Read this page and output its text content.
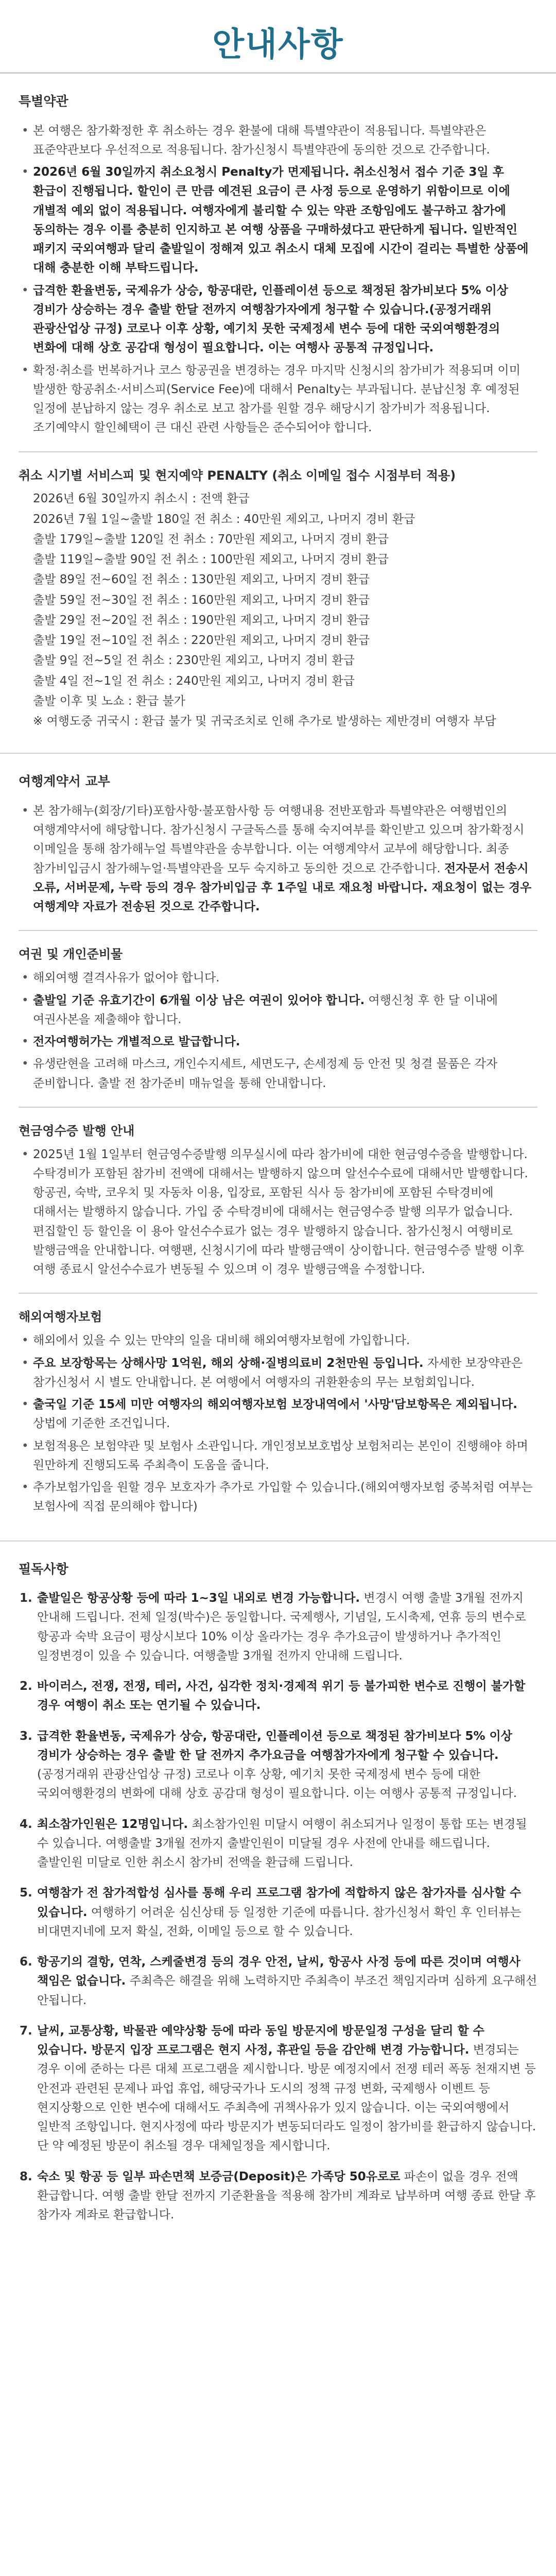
안내사항
특별약관
• 본 여행은 참가확정한 후 취소하는 경우 환불에 대해 특별약관이 적용됩니다. 특별약관은 표준약관보다 우선적으로 적용됩니다. 참가신청시 특별약관에 동의한 것으로 간주합니다.
• 2026년 6월 30일까지 취소요청시 Penalty가 면제됩니다. 취소신청서 접수 기준 3일 후 환급이 진행됩니다. 할인이 큰 만큼 예견된 요금이 큰 사정 등으로 운영하기 위함이므로 이에 개별적 예외 없이 적용됩니다. 여행자에게 불리할 수 있는 약관 조항임에도 불구하고 참가에 동의하는 경우 이를 충분히 인지하고 본 여행 상품을 구매하셨다고 판단하게 됩니다. 일반적인 패키지 국외여행과 달리 출발일이 정해져 있고 취소시 대체 모집에 시간이 걸리는 특별한 상품에 대해 충분한 이해 부탁드립니다.
• 급격한 환율변동, 국제유가 상승, 항공대란, 인플레이션 등으로 책정된 참가비보다 5% 이상 경비가 상승하는 경우 출발 한달 전까지 여행참가자에게 청구할 수 있습니다.(공정거래위 관광산업상 규정) 코로나 이후 상황, 예기치 못한 국제정세 변수 등에 대한 국외여행환경의 변화에 대해 상호 공감대 형성이 필요합니다. 이는 여행사 공통적 규정입니다.
• 확정·취소를 번복하거나 코스 항공권을 변경하는 경우 마지막 신청시의 참가비가 적용되며 이미 발생한 항공취소·서비스피(Service Fee)에 대해서 Penalty는 부과됩니다. 분납신청 후 예정된 일정에 분납하지 않는 경우 취소로 보고 참가를 원할 경우 해당시기 참가비가 적용됩니다. 조기예약시 할인혜택이 큰 대신 관련 사항들은 준수되어야 합니다.
취소 시기별 서비스피 및 현지예약 PENALTY (취소 이메일 접수 시점부터 적용)
2026년 6월 30일까지 취소시 : 전액 환급
2026년 7월 1일~출발 180일 전 취소 : 40만원 제외고, 나머지 경비 환급
출발 179일~출발 120일 전 취소 : 70만원 제외고, 나머지 경비 환급
출발 119일~출발 90일 전 취소 : 100만원 제외고, 나머지 경비 환급
출발 89일 전~60일 전 취소 : 130만원 제외고, 나머지 경비 환급
출발 59일 전~30일 전 취소 : 160만원 제외고, 나머지 경비 환급
출발 29일 전~20일 전 취소 : 190만원 제외고, 나머지 경비 환급
출발 19일 전~10일 전 취소 : 220만원 제외고, 나머지 경비 환급
출발 9일 전~5일 전 취소 : 230만원 제외고, 나머지 경비 환급
출발 4일 전~1일 전 취소 : 240만원 제외고, 나머지 경비 환급
출발 이후 및 노쇼 : 환급 불가
※ 여행도중 귀국시 : 환급 불가 및 귀국조치로 인해 추가로 발생하는 제반경비 여행자 부담
여행계약서 교부
• 본 참가해누(회장/기타)포함사항·불포함사항 등 여행내용 전반포함과 특별약관은 여행법인의 여행계약서에 해당합니다. 참가신청시 구글독스를 통해 숙지여부를 확인받고 있으며 참가확정시 이메일을 통해 참가해누얼 특별약관을 송부합니다. 이는 여행계약서 교부에 해당합니다. 최종 참가비입금시 참가해누얼·특별약관을 모두 숙지하고 동의한 것으로 간주합니다. 전자문서 전송시 오류, 서버문제, 누락 등의 경우 참가비입금 후 1주일 내로 재요청 바랍니다. 재요청이 없는 경우 여행계약 자료가 전송된 것으로 간주합니다.
여권 및 개인준비물
• 해외여행 결격사유가 없어야 합니다.
• 출발일 기준 유효기간이 6개월 이상 남은 여권이 있어야 합니다. 여행신청 후 한 달 이내에 여권사본을 제출해야 합니다.
• 전자여행허가는 개별적으로 발급합니다.
• 유생란현을 고려해 마스크, 개인수지세트, 세면도구, 손세정제 등 안전 및 청결 물품은 각자 준비합니다. 출발 전 참가준비 매뉴얼을 통해 안내합니다.
현금영수증 발행 안내
• 2025년 1월 1일부터 현금영수증발행 의무실시에 따라 참가비에 대한 현금영수증을 발행합니다. 수탁경비가 포함된 참가비 전액에 대해서는 발행하지 않으며 알선수수료에 대해서만 발행합니다. 항공권, 숙박, 코우치 및 자동차 이용, 입장료, 포함된 식사 등 참가비에 포함된 수탁경비에 대해서는 발행하지 않습니다. 가입 중 수탁경비에 대해서는 현금영수증 발행 의무가 없습니다. 편집할인 등 할인을 이 용아 알선수수료가 없는 경우 발행하지 않습니다. 참가신청시 여행비로 발행금액을 안내합니다. 여행팬, 신청시기에 따라 발행금액이 상이합니다. 현금영수증 발행 이후 여행 종료시 알선수수료가 변동될 수 있으며 이 경우 발행금액을 수정합니다.
해외여행자보험
• 해외에서 있을 수 있는 만약의 일을 대비해 해외여행자보험에 가입합니다.
• 주요 보장항목는 상해사망 1억원, 해외 상해·질병의료비 2천만원 등입니다. 자세한 보장약관은 참가신청서 시 별도 안내합니다. 본 여행에서 여행자의 귀환환송의 무는 보험회입니다.
• 출국일 기준 15세 미만 여행자의 해외여행자보험 보장내역에서 '사망'담보항목은 제외됩니다. 상법에 기준한 조건입니다.
• 보험적용은 보험약관 및 보험사 소관입니다. 개인정보보호법상 보험처리는 본인이 진행해야 하며 원만하게 진행되도록 주최측이 도움을 줍니다.
• 추가보험가입을 원할 경우 보호자가 추가로 가입할 수 있습니다.(해외여행자보험 중복처럼 여부는 보험사에 직접 문의해야 합니다)
필독사항
1. 출발일은 항공상황 등에 따라 1~3일 내외로 변경 가능합니다. 변경시 여행 출발 3개월 전까지 안내해 드립니다. 전체 일정(박수)은 동일합니다. 국제행사, 기념일, 도시축제, 연휴 등의 변수로 항공과 숙박 요금이 평상시보다 10% 이상 올라가는 경우 추가요금이 발생하거나 추가적인 일정변경이 있을 수 있습니다. 여행출발 3개월 전까지 안내해 드립니다.
2. 바이러스, 전쟁, 전쟁, 테러, 사건, 심각한 정치·경제적 위기 등 불가피한 변수로 진행이 불가할 경우 여행이 취소 또는 연기될 수 있습니다.
3. 급격한 환율변동, 국제유가 상승, 항공대란, 인플레이션 등으로 책정된 참가비보다 5% 이상 경비가 상승하는 경우 출발 한 달 전까지 추가요금을 여행참가자에게 청구할 수 있습니다. (공정거래위 관광산업상 규정) 코로나 이후 상황, 예기치 못한 국제정세 변수 등에 대한 국외여행환경의 변화에 대해 상호 공감대 형성이 필요합니다. 이는 여행사 공통적 규정입니다.
4. 최소참가인원은 12명입니다. 최소참가인원 미달시 여행이 취소되거나 일정이 통합 또는 변경될 수 있습니다. 여행출발 3개월 전까지 출발인원이 미달될 경우 사전에 안내를 해드립니다. 출발인원 미달로 인한 취소시 참가비 전액을 환급해 드립니다.
5. 여행참가 전 참가적합성 심사를 통해 우리 프로그램 참가에 적합하지 않은 참가자를 심사할 수 있습니다. 여행하기 어려운 심신상태 등 일정한 기준에 따릅니다. 참가신청서 확인 후 인터뷰는 비대면지네에 모저 확실, 전화, 이메일 등으로 할 수 있습니다.
6. 항공기의 결항, 연착, 스케줄변경 등의 경우 안전, 날씨, 항공사 사정 등에 따른 것이며 여행사 책임은 없습니다. 주최측은 해결을 위해 노력하지만 주최측이 부조건 책임지라며 심하게 요구해선 안됩니다.
7. 날씨, 교통상황, 박물관 예약상황 등에 따라 동일 방문지에 방문일정 구성을 달리 할 수 있습니다. 방문지 입장 프로그램은 현지 사정, 휴관일 등을 감안해 변경 가능합니다. 변경되는 경우 이에 준하는 다른 대체 프로그램을 제시합니다. 방문 예정지에서 전쟁 테러 폭동 천재지변 등 안전과 관련된 문제나 파업 휴업, 해당국가나 도시의 정책 규정 변화, 국제행사 이벤트 등 현지상황으로 인한 변수에 대해서도 주최측에 귀책사유가 있지 않습니다. 이는 국외여행에서 일반적 조항입니다. 현지사정에 따라 방문지가 변동되더라도 일정이 참가비를 환급하지 않습니다. 단 약 예정된 방문이 취소될 경우 대체일정을 제시합니다.
8. 숙소 및 항공 등 일부 파손면책 보증금(Deposit)은 가족당 50유로로 파손이 없을 경우 전액 환급합니다. 여행 출발 한달 전까지 기준환율을 적용해 참가비 계좌로 납부하며 여행 종료 한달 후 참가자 계좌로 환급합니다.
